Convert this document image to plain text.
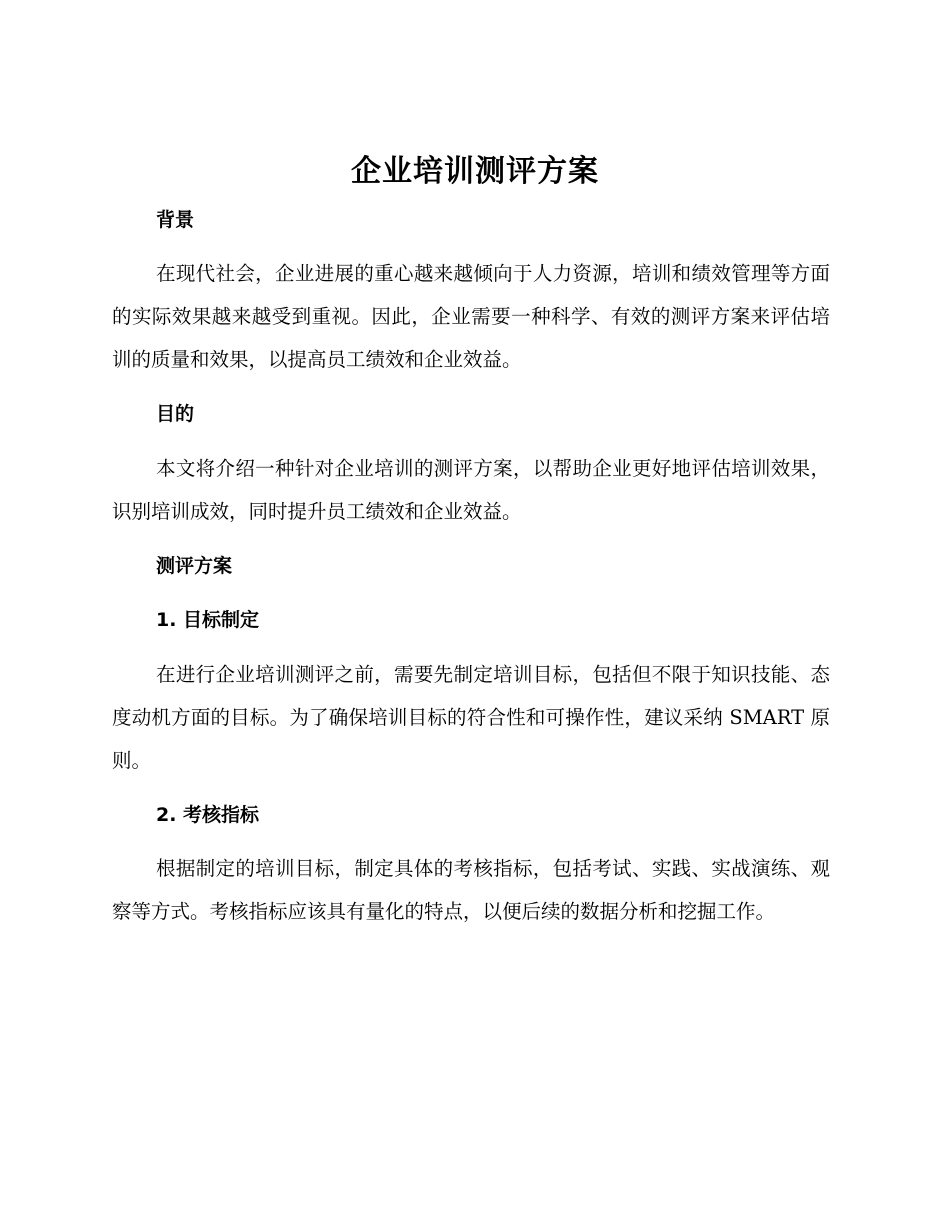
企业培训测评方案
背景

在现代社会，企业进展的重心越来越倾向于人力资源，培训和绩效管理等方面的实际效果越来越受到重视。因此，企业需要一种科学、有效的测评方案来评估培训的质量和效果，以提高员工绩效和企业效益。

目的

本文将介绍一种针对企业培训的测评方案，以帮助企业更好地评估培训效果，识别培训成效，同时提升员工绩效和企业效益。

测评方案
1. 目标制定

在进行企业培训测评之前，需要先制定培训目标，包括但不限于知识技能、态度动机方面的目标。为了确保培训目标的符合性和可操作性，建议采纳 SMART 原则。

2. 考核指标

根据制定的培训目标，制定具体的考核指标，包括考试、实践、实战演练、观察等方式。考核指标应该具有量化的特点，以便后续的数据分析和挖掘工作。
